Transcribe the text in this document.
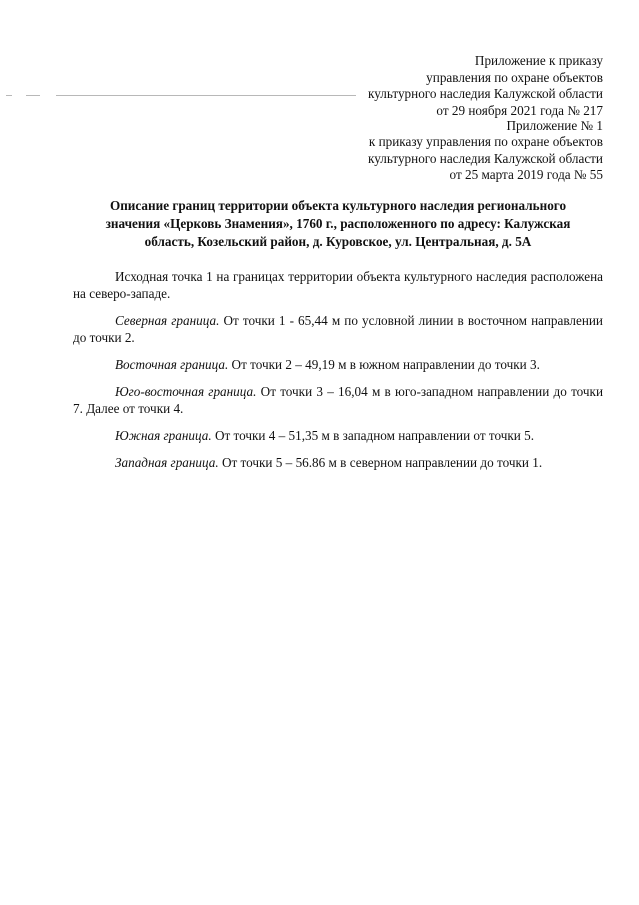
Приложение к приказу
управления по охране объектов
культурного наследия Калужской области
от 29 ноября 2021 года № 217
Приложение № 1
к приказу управления по охране объектов
культурного наследия Калужской области
от 25 марта 2019 года № 55
Описание границ территории объекта культурного наследия регионального
значения «Церковь Знамения», 1760 г., расположенного по адресу: Калужская
область, Козельский район, д. Куровское, ул. Центральная, д. 5А

Исходная точка 1 на границах территории объекта культурного наследия расположена на северо-западе.

Северная граница. От точки 1 - 65,44 м по условной линии в восточном направлении до точки 2.

Восточная граница. От точки 2 – 49,19 м в южном направлении до точки 3.

Юго-восточная граница. От точки 3 – 16,04 м в юго-западном направлении до точки 7. Далее от точки 4.

Южная граница. От точки 4 – 51,35 м в западном направлении от точки 5.

Западная граница. От точки 5 – 56.86 м в северном направлении до точки 1.
